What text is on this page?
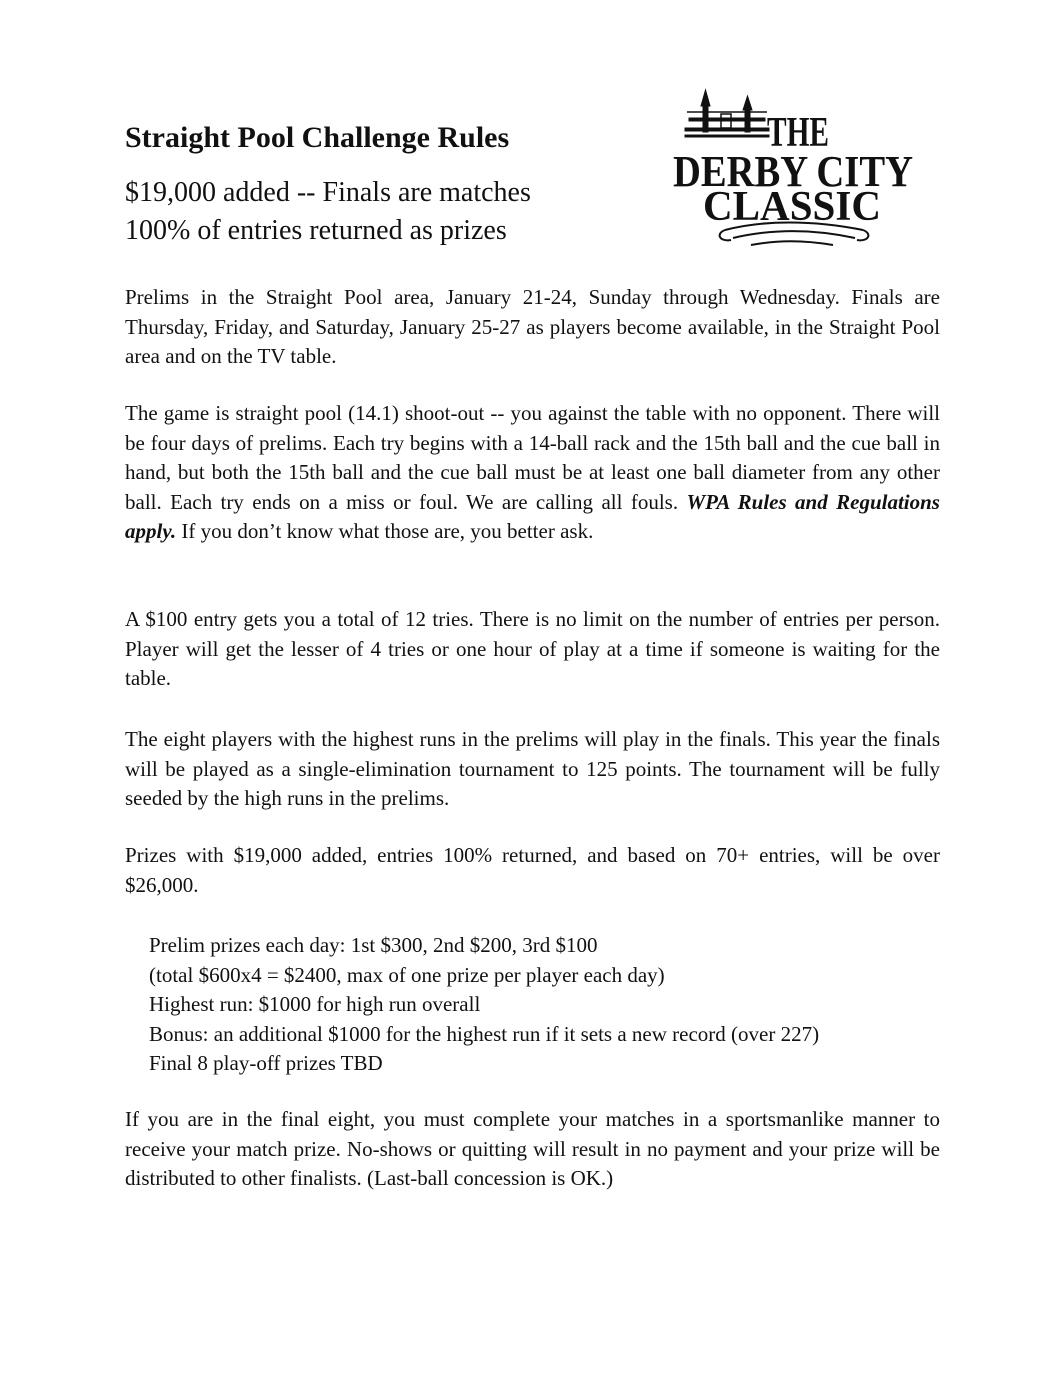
Straight Pool Challenge Rules

$19,000 added -- Finals are matches

100% of entries returned as prizes

THE
DERBY CITY
CLASSIC

Prelims in the Straight Pool area, January 21-24, Sunday through Wednesday. Finals are Thursday, Friday, and Saturday, January 25-27 as players become available, in the Straight Pool area and on the TV table.

The game is straight pool (14.1) shoot-out -- you against the table with no opponent. There will be four days of prelims. Each try begins with a 14-ball rack and the 15th ball and the cue ball in hand, but both the 15th ball and the cue ball must be at least one ball diameter from any other ball. Each try ends on a miss or foul. We are calling all fouls. WPA Rules and Regulations apply. If you don’t know what those are, you better ask.

A $100 entry gets you a total of 12 tries. There is no limit on the number of entries per person. Player will get the lesser of 4 tries or one hour of play at a time if someone is waiting for the table.

The eight players with the highest runs in the prelims will play in the finals. This year the finals will be played as a single-elimination tournament to 125 points. The tournament will be fully seeded by the high runs in the prelims.

Prizes with $19,000 added, entries 100% returned, and based on 70+ entries, will be over $26,000.

Prelim prizes each day: 1st $300, 2nd $200, 3rd $100
(total $600x4 = $2400, max of one prize per player each day)
Highest run: $1000 for high run overall
Bonus: an additional $1000 for the highest run if it sets a new record (over 227)
Final 8 play-off prizes TBD

If you are in the final eight, you must complete your matches in a sportsmanlike manner to receive your match prize. No-shows or quitting will result in no payment and your prize will be distributed to other finalists. (Last-ball concession is OK.)
